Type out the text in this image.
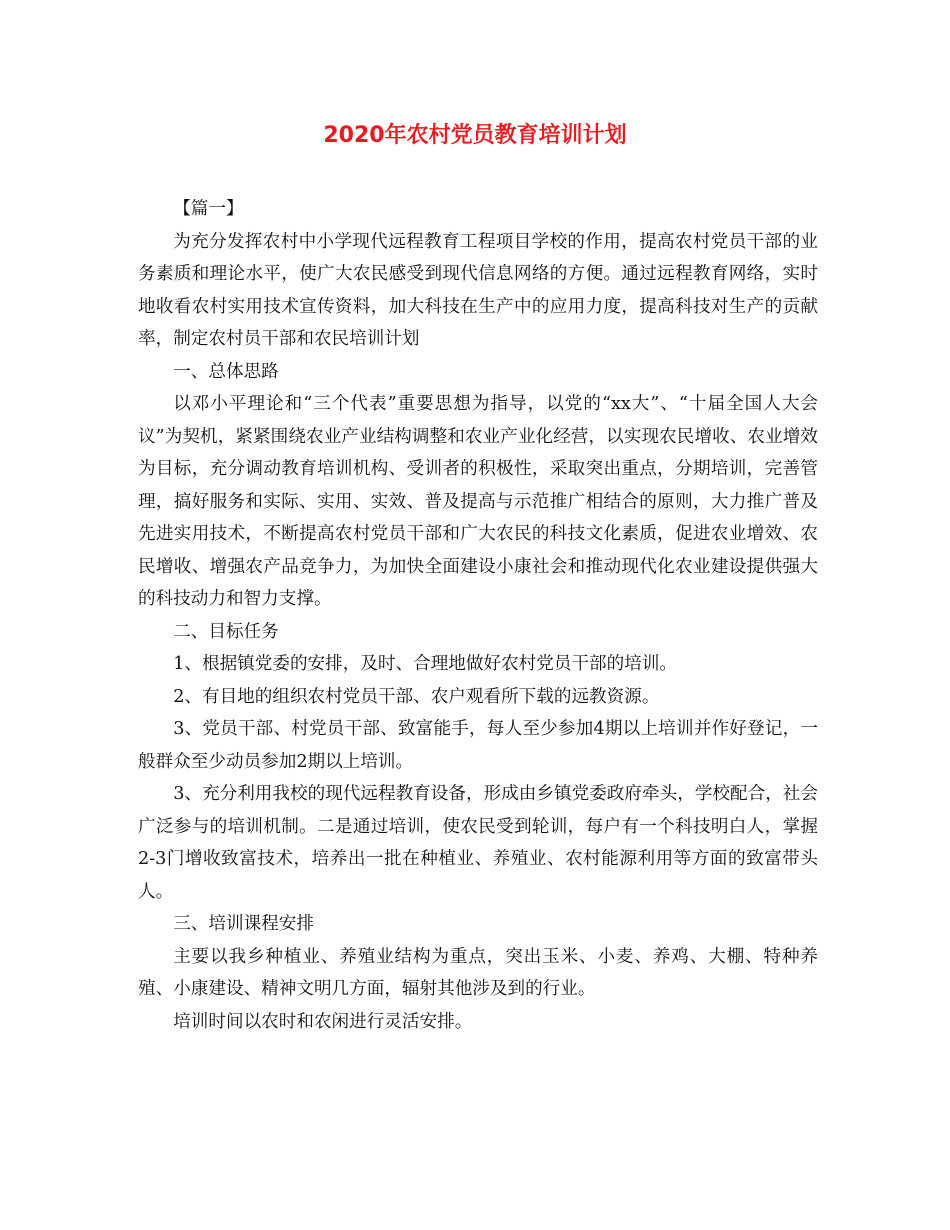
2020年农村党员教育培训计划

【篇一】

为充分发挥农村中小学现代远程教育工程项目学校的作用，提高农村党员干部的业务素质和理论水平，使广大农民感受到现代信息网络的方便。通过远程教育网络，实时地收看农村实用技术宣传资料，加大科技在生产中的应用力度，提高科技对生产的贡献率，制定农村员干部和农民培训计划

一、总体思路

以邓小平理论和“三个代表”重要思想为指导，以党的“xx大”、“十届全国人大会议”为契机，紧紧围绕农业产业结构调整和农业产业化经营，以实现农民增收、农业增效为目标，充分调动教育培训机构、受训者的积极性，采取突出重点，分期培训，完善管理，搞好服务和实际、实用、实效、普及提高与示范推广相结合的原则，大力推广普及先进实用技术，不断提高农村党员干部和广大农民的科技文化素质，促进农业增效、农民增收、增强农产品竞争力，为加快全面建设小康社会和推动现代化农业建设提供强大的科技动力和智力支撑。

二、目标任务

1、根据镇党委的安排，及时、合理地做好农村党员干部的培训。

2、有目地的组织农村党员干部、农户观看所下载的远教资源。

3、党员干部、村党员干部、致富能手，每人至少参加4期以上培训并作好登记，一般群众至少动员参加2期以上培训。

3、充分利用我校的现代远程教育设备，形成由乡镇党委政府牵头，学校配合，社会广泛参与的培训机制。二是通过培训，使农民受到轮训，每户有一个科技明白人，掌握2-3门增收致富技术，培养出一批在种植业、养殖业、农村能源利用等方面的致富带头人。

三、培训课程安排

主要以我乡种植业、养殖业结构为重点，突出玉米、小麦、养鸡、大棚、特种养殖、小康建设、精神文明几方面，辐射其他涉及到的行业。

培训时间以农时和农闲进行灵活安排。
